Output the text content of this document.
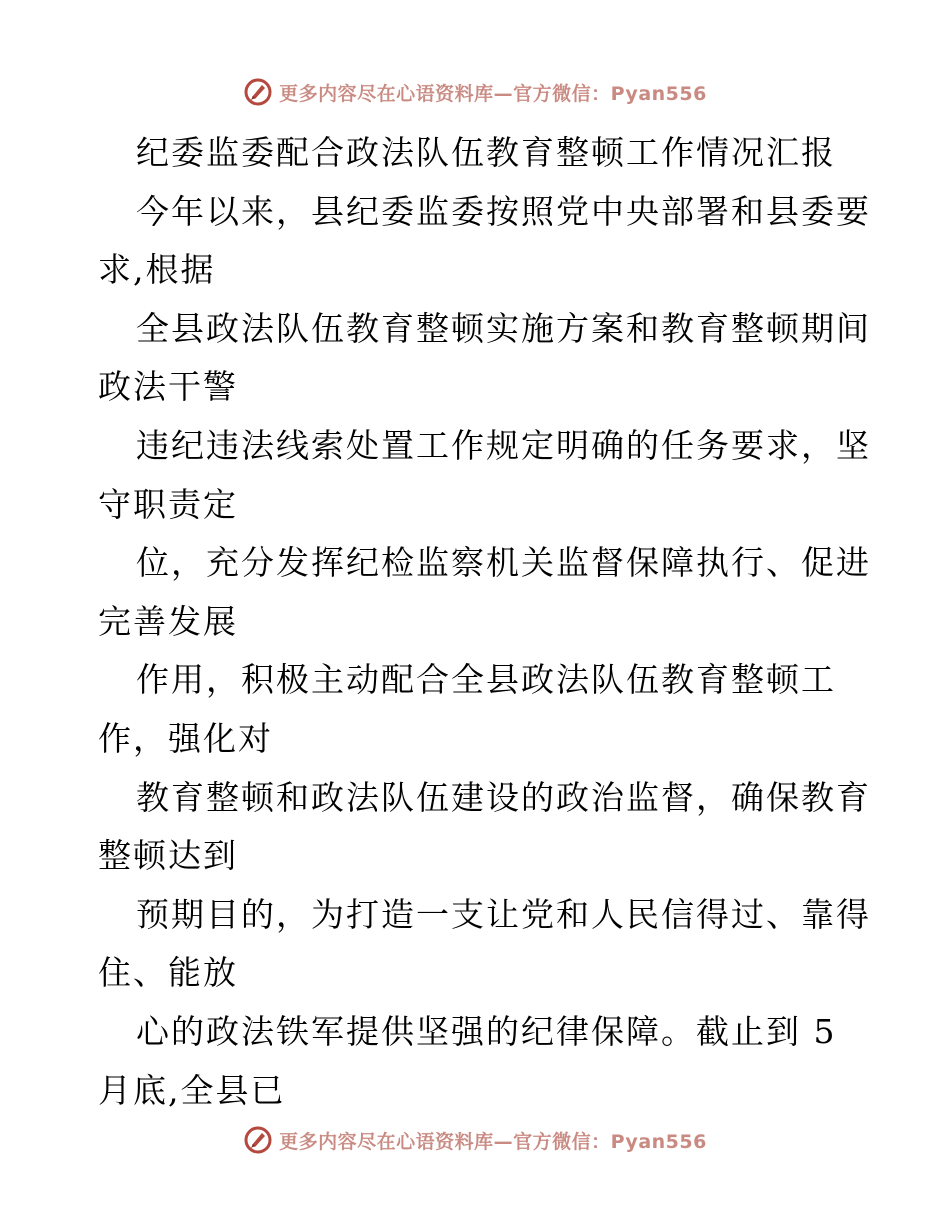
更多内容尽在心语资料库—官方微信：Pyan556
纪委监委配合政法队伍教育整顿工作情况汇报
今年以来，县纪委监委按照党中央部署和县委要
求,根据
全县政法队伍教育整顿实施方案和教育整顿期间
政法干警
违纪违法线索处置工作规定明确的任务要求，坚
守职责定
位，充分发挥纪检监察机关监督保障执行、促进
完善发展
作用，积极主动配合全县政法队伍教育整顿工
作，强化对
教育整顿和政法队伍建设的政治监督，确保教育
整顿达到
预期目的，为打造一支让党和人民信得过、靠得
住、能放
心的政法铁军提供坚强的纪律保障。截止到 5
月底,全县已
更多内容尽在心语资料库—官方微信：Pyan556
